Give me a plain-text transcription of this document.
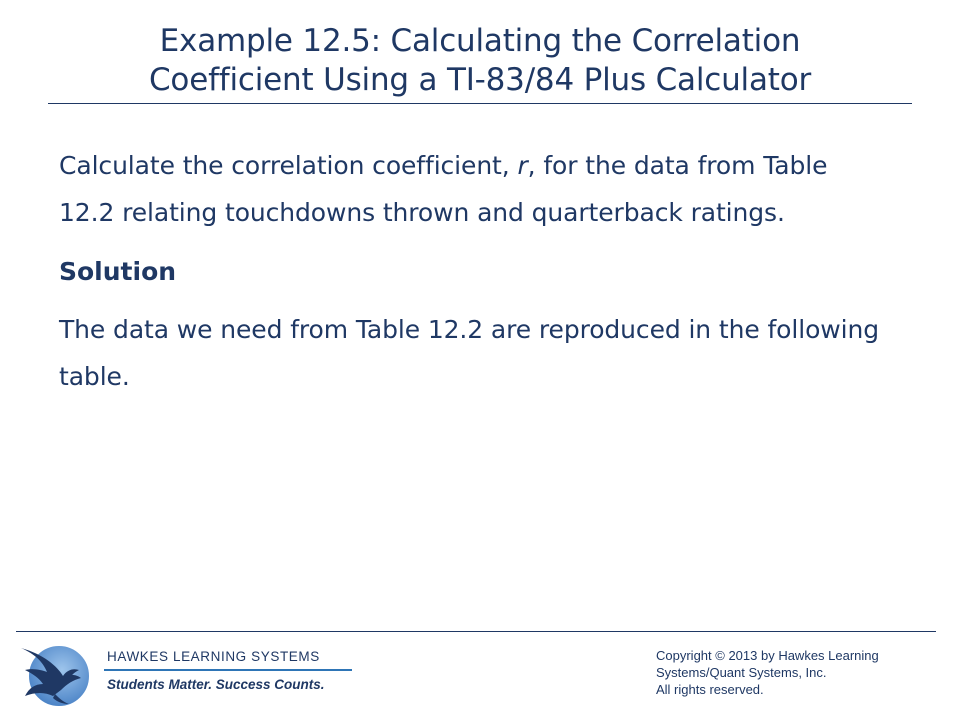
Example 12.5: Calculating the Correlation
Coefficient Using a TI-83/84 Plus Calculator

Calculate the correlation coefficient, r, for the data from Table 12.2 relating touchdowns thrown and quarterback ratings.

Solution

The data we need from Table 12.2 are reproduced in the following table.

HAWKES LEARNING SYSTEMS

Students Matter. Success Counts.

Copyright © 2013 by Hawkes Learning
Systems/Quant Systems, Inc.
All rights reserved.
